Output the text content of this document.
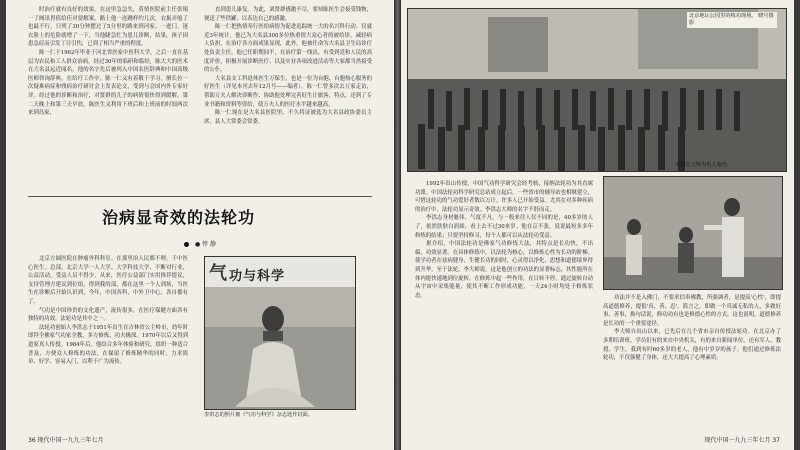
时治疗就有良好的效果。在这里急急失，莫情医院前主任张锡一了阀讯胃值给佳对要解案。路上他一连跳样约几次，衣振弄般了也最不行。只列了30分钟摆过了5分里的路来到河家。一进门，迷衣脸上的危险就增了一下，当他睫急忙为患儿诊断，结果，孩子因患急症而引发丁日引伤，已到了相当严重的程度。

陈一仁于1962年毕业于河北省医家中医科大学，之后一直在基层为农民和工人群众治病。经过30年的临研和临经，陈大大的医术在大名县远近闻名。他的名字先后被列入中国名医辞典和中国高级医师咨询辞典。在给疗工作中，陈一仁又有着敬于学习，擅长拉一次疑难病症和残病治疗研讨会上发表论文，受到与会国内外专家好评。经过他的诊断和治疗，对贤群的儿子的病情很快得到缓解。第二天晚上和第三天早晨，陈医生又利用下班后和上班前的时间两次来到岛家，

直到患儿康复。为此，刘贤群感激不尽，要知陈医生会接受钱物，便送了些铁罐，以表达自己的感激。

陈一仁把热情奉行医给病情为促进追踪统一大的名兴科行动。仅就近3年统计，他已为大名县300多位热重情大众心者的被给诊，减轻病人负担，在治疗各方面成果显现，此外，他被任命为大名县卫生局诊疗处负责主任，他已任职期间不，在治疗第一线出，有受到党和人民的高度评价，积极开展诊断医疗、以及实业各项改进活动等大家都当然接受的公仆。

大名县支工科退休医生万保生，也是一位为台胞、台胞热心服务的好医生（详见本刊去年12月号——编者）。陈一仁曾多次去万家走访，帮助万夫人解决诊断作、协助他处理完善好生计旅客，特点，还到了专业书籍和资料等资给，使万夫人的医疗水平越来越高。

陈一仁现在是大名县医院里、不久将证被选为大名县政协委员主席，县人大常委会常委。

治病显奇效的法轮功
● 惇 静

北京方圆医院在肿瘤外科科室。在那里治人民都不理，于中医心医生。总部，北京大学一人大学、大学科技大学、不断对行业，公益活动，受益人员不得少。从来，医疗公益部门实用推荐提议，支持管理方建议到位组，得到我的部，都在这里一个人到场，当医生在诊断后开始认识到，今年，中国各科，中外卫中心，各自都有了。

气功是中国珍贵的文化遗产，流传很多，在医疗保健方面各有独特的功效。法轮功是其中之一。

法轮功创始人李洪志于1951年出生在吉林省公主岭市，幼年时即拜全佛家气功家全教，多方修炼，功夫极深。1970年以后又得到道家真人传授。1984年后，他结合多年体验和研究，组织一种适合普及、方便众人修炼的功法，在保留了修炼精华的同时，力求简单、好学、容易入门，以利于广为流传。

气 功与科学
李洪志的照片被《气功与科学》杂志选作封面。
36 现代中国一九九三年七月
北京地坛公园里的练功现场。 晓月摄影
李洪志大师为伤人施治。

1992年出山传授。中国气功科学研究会经考核，接纳法轮功为其直属功派。中国法轮功科学研究总站成立起后，一些省市的辅导站也相继建立，可惜这轮功的气功爱好者数以万计。许多人已开始受益。尤其在对多种疾病的治疗中，法轮功显示奇效。李洪志大师的名字不胫而走。

李洪志身材魁伟，气度不凡。与一般来往人仅不同的是，40多岁的人了，依然肤肤白润却，看上去不过30来岁。他在京不张，说说最短多多年修炼的结果；只要坚持修习，每个人都可以从法轮功受益。

据介绍，中国法轮功是佛家气功修炼大法，其特点是长功快，不出偏，功效显著。在具体修炼中，以法轮为核心，以修炼心性为长功的阶梯。使学功者在祛病健身、生健长功的同时，心灵得以净化，思想和道德境界得到升华。至于法轮，李大师说，这是他创立的功法的显著标志，其性能所在体内能快速地到位旋转，在修炼中起一些作用，在日转不停，通过旋转自动从宇宙中采集能量，使其不断工作形成功能，一天24小时均处于修炼状态。	功法并不是入佛门，不要求信奉佛教，所强调者，是提高'心性'，即提高道德修养，提倡'真、善、忍'。简言之，即做一个真诚无私的人，多做好事、善事，换句话说，修功功有也是修德心性的方式。这也说明，道德修养是长功的一个重要途径。

李大师自出山以来，已先后在几个省市亲自传授法轮功。在北京办了多期培训班。学员们有的来自中央机关，有的来自新闻单位，还有军人、教授、学生，我到有时60多岁的老人，他有中岁岁的孩子。他们通过修炼法轮功，不仅强健了身体，还大大提高了心理素质。

现代中国一九九三年七月 37
